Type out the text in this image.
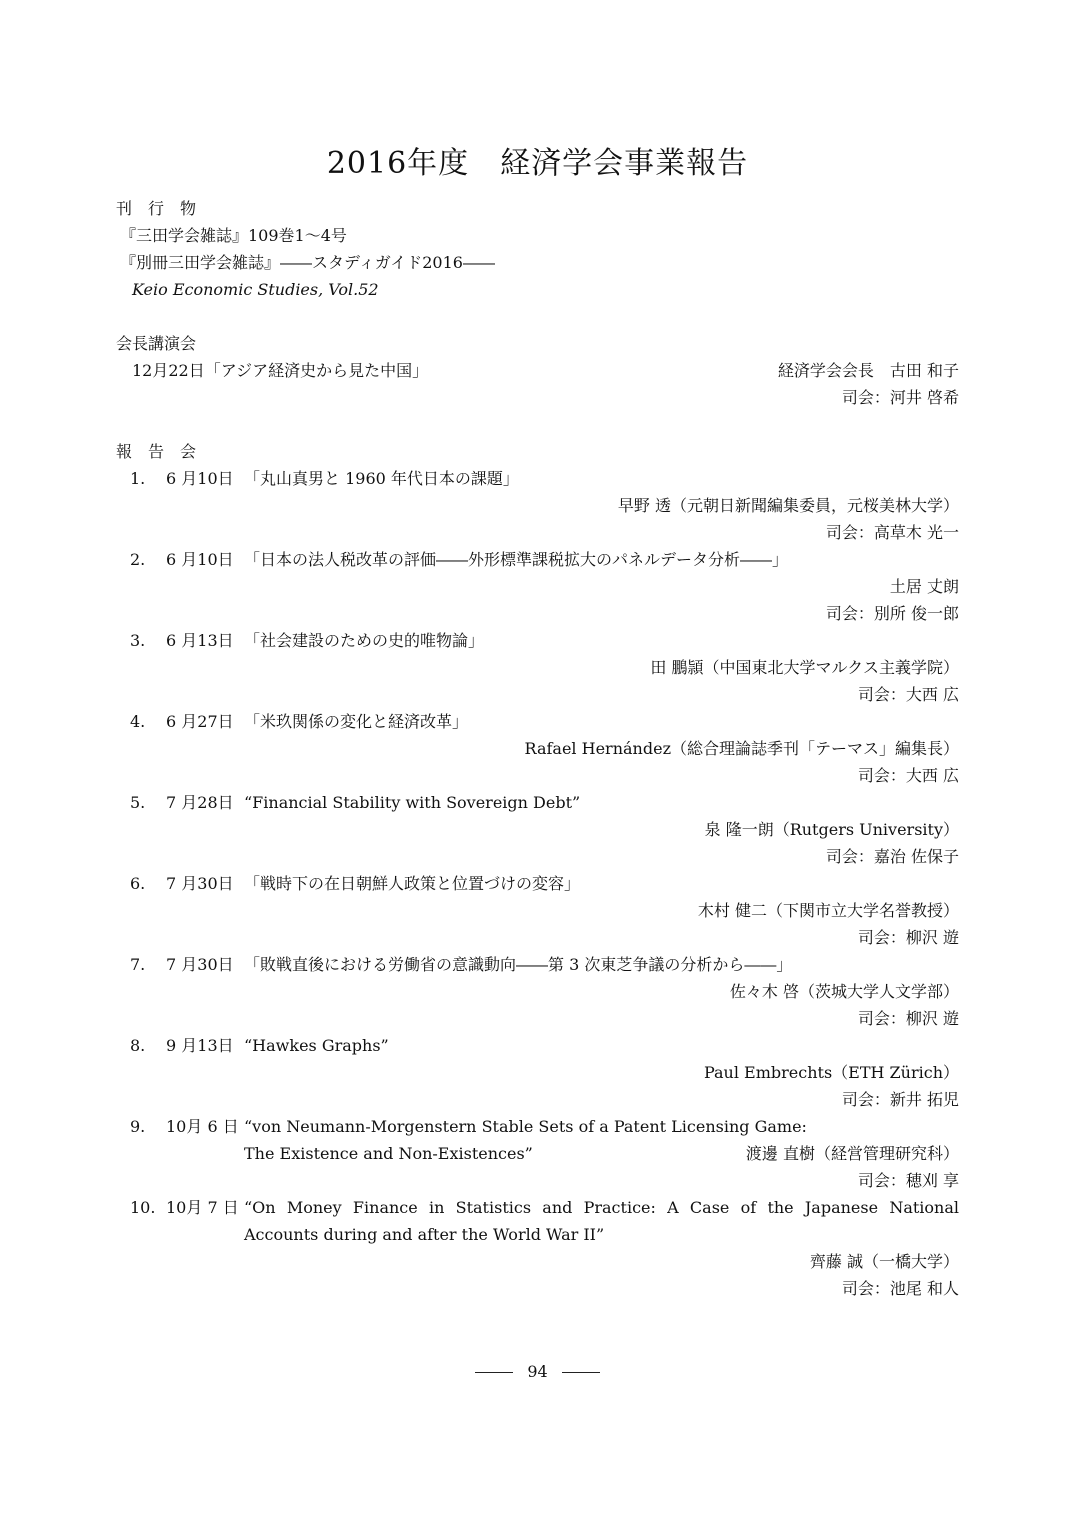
2016年度　経済学会事業報告
刊　行　物
『三田学会雑誌』109巻1～4号
『別冊三田学会雑誌』――スタディガイド2016――
Keio Economic Studies, Vol.52
会長講演会
12月22日「アジア経済史から見た中国」	経済学会会長　古田 和子
司会：河井 啓希
報　告　会
1. 6 月10日 「丸山真男と 1960 年代日本の課題」
早野 透（元朝日新聞編集委員，元桜美林大学）
司会：高草木 光一
2. 6 月10日 「日本の法人税改革の評価――外形標準課税拡大のパネルデータ分析――」
土居 丈朗
司会：別所 俊一郎
3. 6 月13日 「社会建設のための史的唯物論」
田 鵬頴（中国東北大学マルクス主義学院）
司会：大西 広
4. 6 月27日 「米玖関係の変化と経済改革」
Rafael Hernández（総合理論誌季刊「テーマス」編集長）
司会：大西 広
5. 7 月28日 “Financial Stability with Sovereign Debt”
泉 隆一朗（Rutgers University）
司会：嘉治 佐保子
6. 7 月30日 「戦時下の在日朝鮮人政策と位置づけの変容」
木村 健二（下関市立大学名誉教授）
司会：柳沢 遊
7. 7 月30日 「敗戦直後における労働省の意識動向――第 3 次東芝争議の分析から――」
佐々木 啓（茨城大学人文学部）
司会：柳沢 遊
8. 9 月13日 “Hawkes Graphs”
Paul Embrechts（ETH Zürich）
司会：新井 拓児
9. 10月 6 日 “von Neumann-Morgenstern Stable Sets of a Patent Licensing Game:
The Existence and Non-Existences”	渡邊 直樹（経営管理研究科）
司会：穂刈 享
10. 10月 7 日 “On Money Finance in Statistics and Practice: A Case of the Japanese National
Accounts during and after the World War II”
齊藤 誠（一橋大学）
司会：池尾 和人
94
